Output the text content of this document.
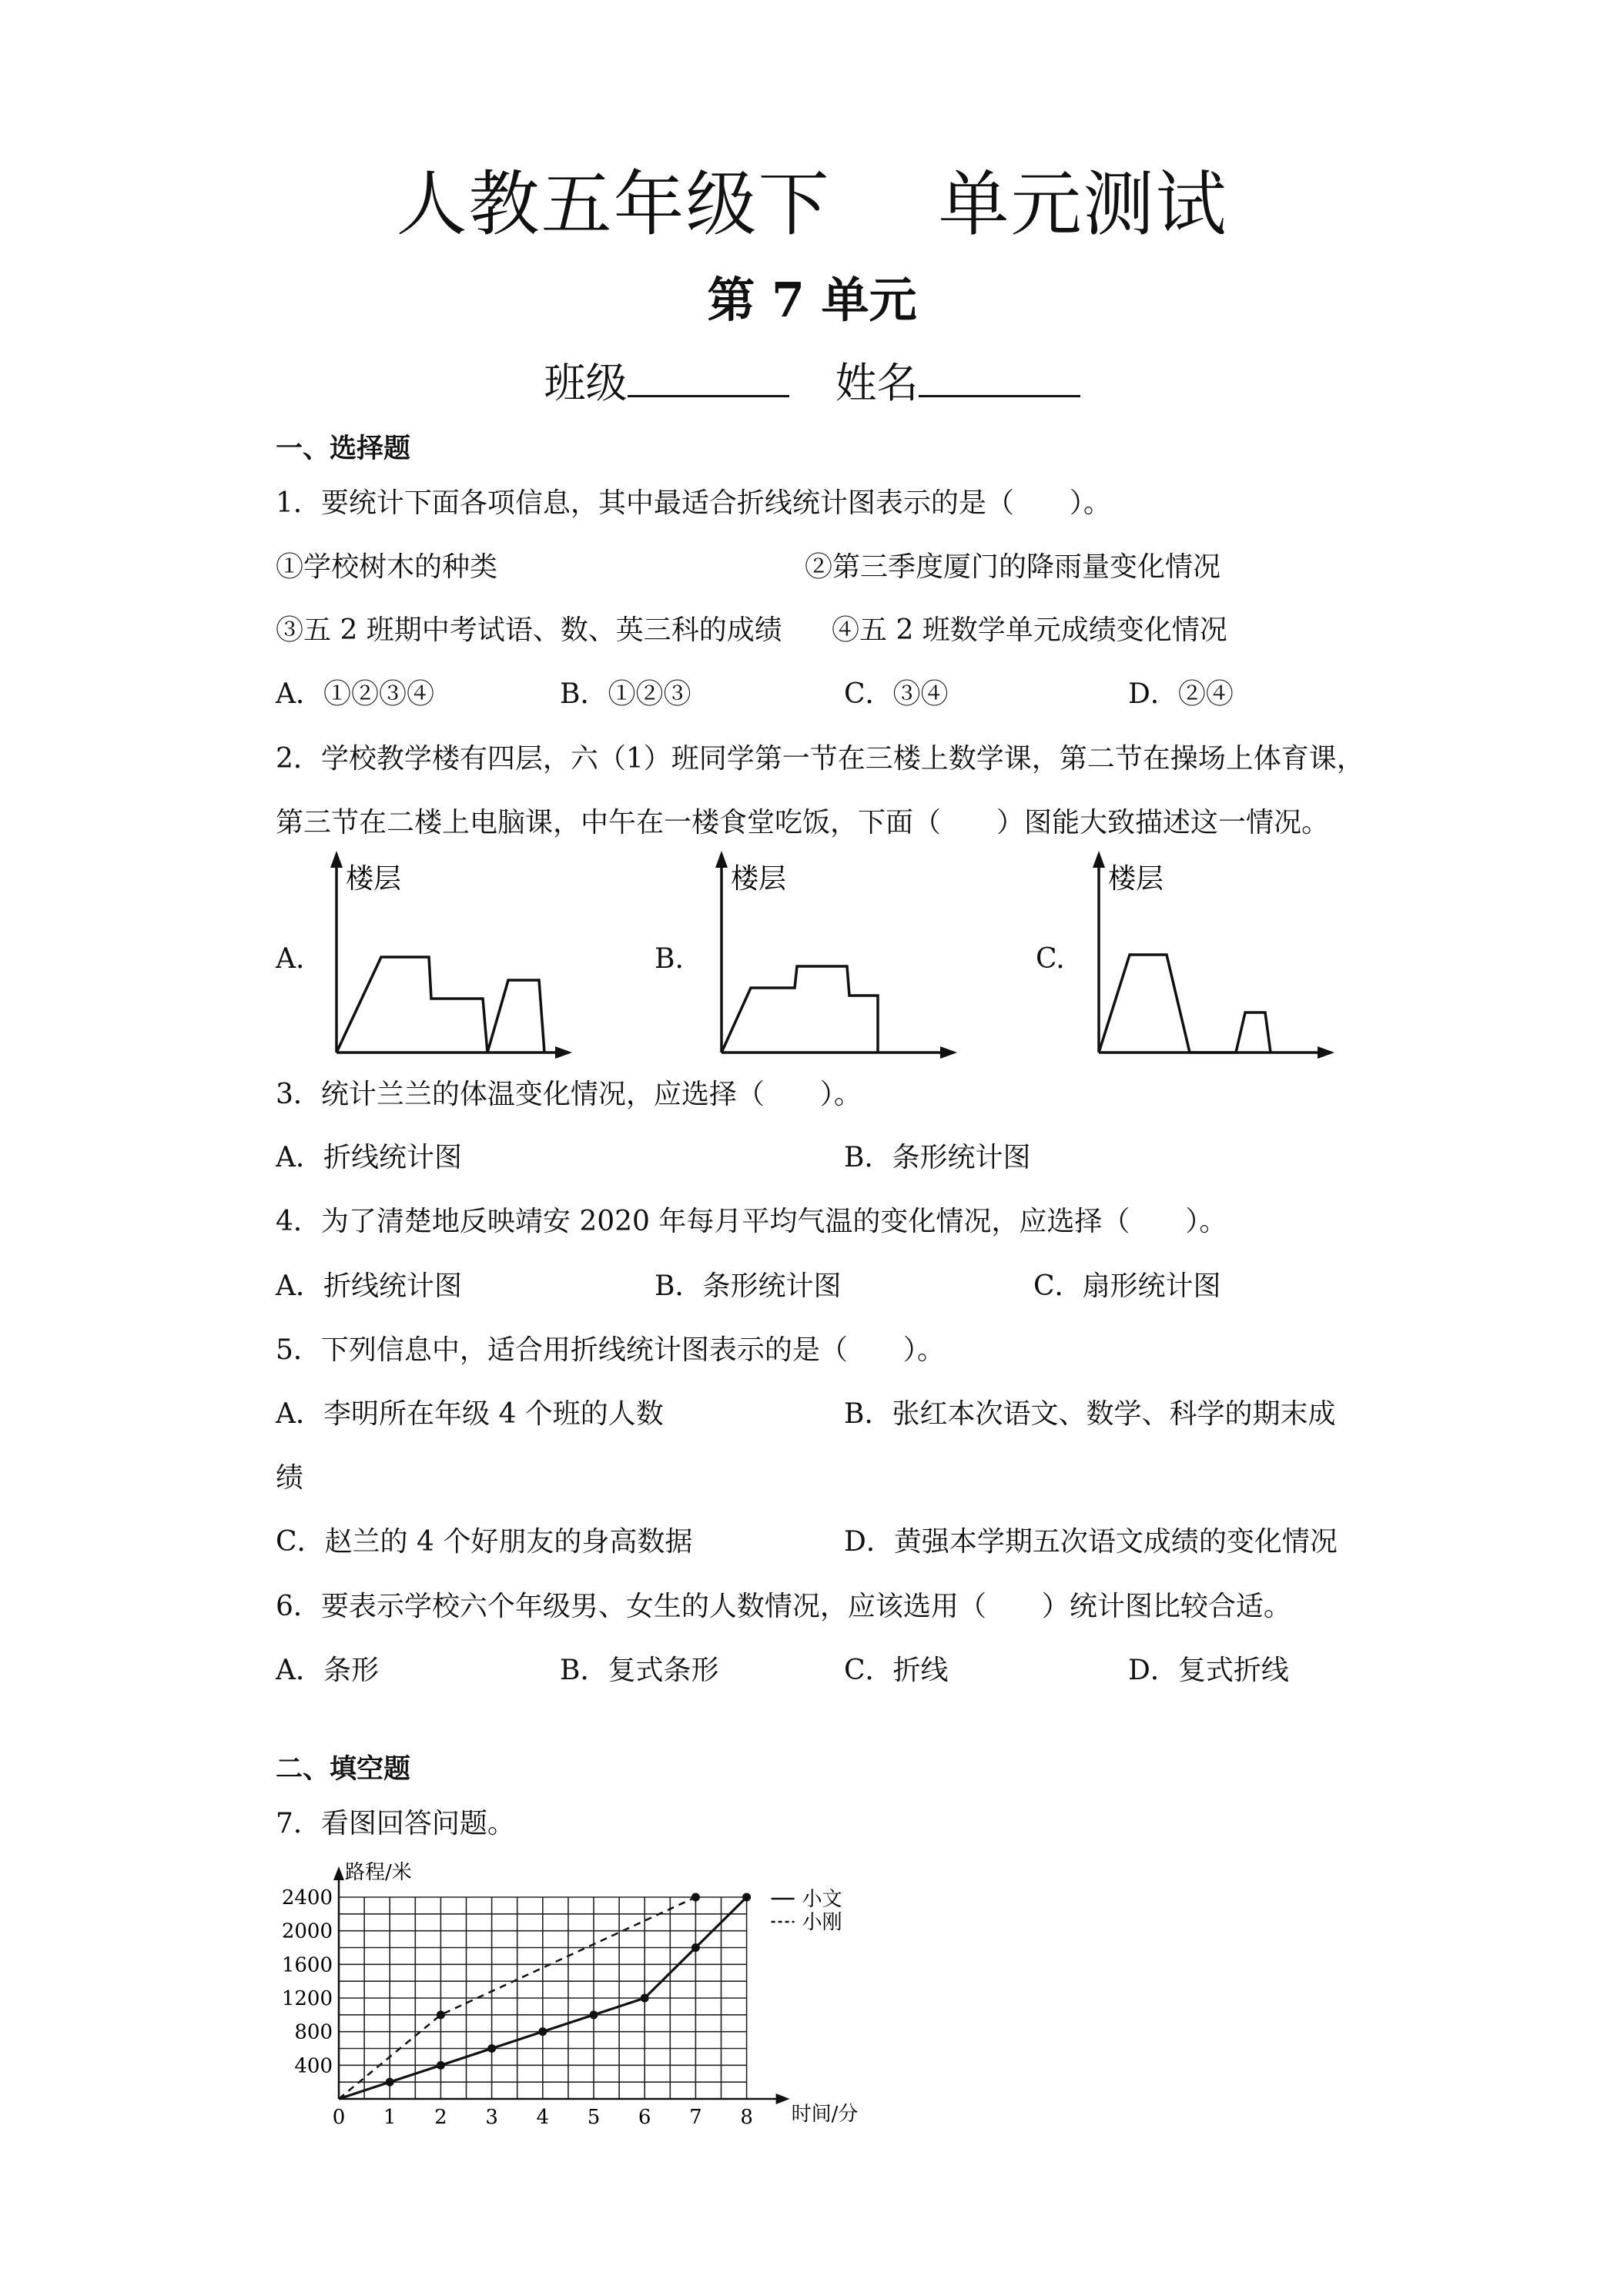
人教五年级下 单元测试
第 7 单元
班级	姓名
一、选择题
1．要统计下面各项信息，其中最适合折线统计图表示的是（　　）。
①学校树木的种类	②第三季度厦门的降雨量变化情况
③五 2 班期中考试语、数、英三科的成绩 ④五 2 班数学单元成绩变化情况
A．①②③④	B．①②③	C．③④	D．②④
2．学校教学楼有四层，六（1）班同学第一节在三楼上数学课，第二节在操场上体育课，
第三节在二楼上电脑课，中午在一楼食堂吃饭，下面（　　）图能大致描述这一情况。
A.
楼层
B.
楼层
C.
楼层
3．统计兰兰的体温变化情况，应选择（　　）。
A．折线统计图	B．条形统计图
4．为了清楚地反映靖安 2020 年每月平均气温的变化情况，应选择（　　）。
A．折线统计图	B．条形统计图	C．扇形统计图
5．下列信息中，适合用折线统计图表示的是（　　）。
A．李明所在年级 4 个班的人数	B．张红本次语文、数学、科学的期末成
绩
C．赵兰的 4 个好朋友的身高数据	D．黄强本学期五次语文成绩的变化情况
6．要表示学校六个年级男、女生的人数情况，应该选用（　　）统计图比较合适。
A．条形	B．复式条形	C．折线	D．复式折线
二、填空题
7．看图回答问题。
路程/米
时间/分
0 1 2 3 4 5 6 7 8
400
800
1200
1600
2000
2400	小文
小刚
